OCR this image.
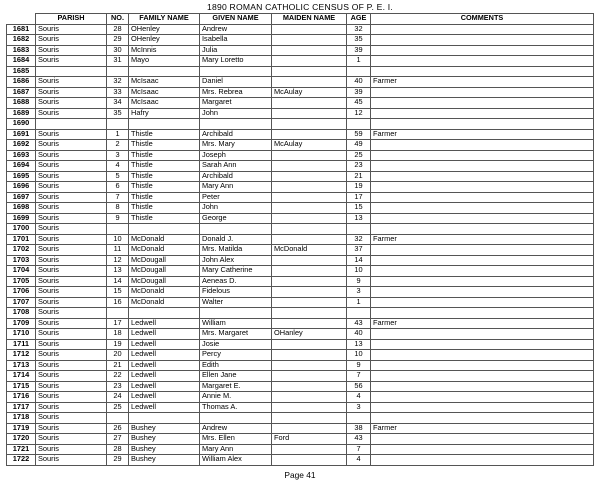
1890 ROMAN CATHOLIC CENSUS OF P. E. I.
	PARISH	NO.	FAMILY NAME	GIVEN NAME	MAIDEN NAME	AGE	COMMENTS
1681	Souris	28	OHenley	Andrew		32	
1682	Souris	29	OHenley	Isabella		35	
1683	Souris	30	McInnis	Julia		39	
1684	Souris	31	Mayo	Mary Loretto		1	
1685							
1686	Souris	32	McIsaac	Daniel		40	Farmer
1687	Souris	33	McIsaac	Mrs. Rebrea	McAulay	39	
1688	Souris	34	McIsaac	Margaret		45	
1689	Souris	35	Hafry	John		12	
1690							
1691	Souris	1	Thistle	Archibald		59	Farmer
1692	Souris	2	Thistle	Mrs. Mary	McAulay	49	
1693	Souris	3	Thistle	Joseph		25	
1694	Souris	4	Thistle	Sarah Ann		23	
1695	Souris	5	Thistle	Archibald		21	
1696	Souris	6	Thistle	Mary Ann		19	
1697	Souris	7	Thistle	Peter		17	
1698	Souris	8	Thistle	John		15	
1699	Souris	9	Thistle	George		13	
1700	Souris						
1701	Souris	10	McDonald	Donald J.		32	Farmer
1702	Souris	11	McDonald	Mrs. Matilda	McDonald	37	
1703	Souris	12	McDougall	John Alex		14	
1704	Souris	13	McDougall	Mary Catherine		10	
1705	Souris	14	McDougall	Aeneas D.		9	
1706	Souris	15	McDonald	Fidelous		3	
1707	Souris	16	McDonald	Walter		1	
1708	Souris						
1709	Souris	17	Ledwell	William		43	Farmer
1710	Souris	18	Ledwell	Mrs. Margaret	OHanley	40	
1711	Souris	19	Ledwell	Josie		13	
1712	Souris	20	Ledwell	Percy		10	
1713	Souris	21	Ledwell	Edith		9	
1714	Souris	22	Ledwell	Ellen Jane		7	
1715	Souris	23	Ledwell	Margaret E.		56	
1716	Souris	24	Ledwell	Annie M.		4	
1717	Souris	25	Ledwell	Thomas A.		3	
1718	Souris						
1719	Souris	26	Bushey	Andrew		38	Farmer
1720	Souris	27	Bushey	Mrs. Ellen	Ford	43	
1721	Souris	28	Bushey	Mary Ann		7	
1722	Souris	29	Bushey	William Alex		4	
Page 41
